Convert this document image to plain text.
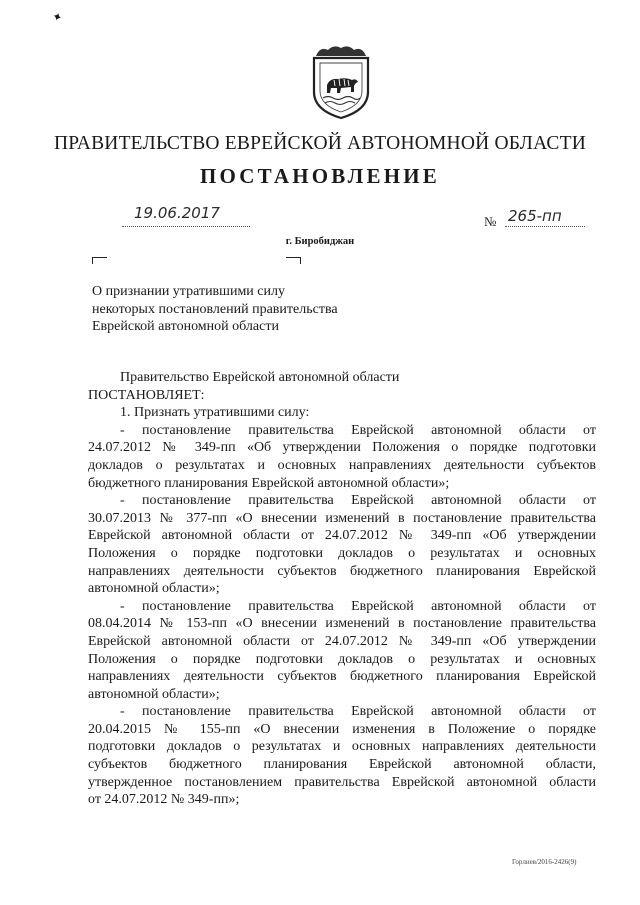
✦
ПРАВИТЕЛЬСТВО ЕВРЕЙСКОЙ АВТОНОМНОЙ ОБЛАСТИ
ПОСТАНОВЛЕНИЕ
19.06.2017	№ 265-пп
г. Биробиджан
О признании утратившими силу
некоторых постановлений правительства
Еврейской автономной области
Правительство Еврейской автономной области
ПОСТАНОВЛЯЕТ:
1. Признать утратившими силу:
- постановление правительства Еврейской автономной области от
24.07.2012 № 349-пп «Об утверждении Положения о порядке подготовки
докладов о результатах и основных направлениях деятельности субъектов
бюджетного планирования Еврейской автономной области»;
- постановление правительства Еврейской автономной области от
30.07.2013 № 377-пп «О внесении изменений в постановление правительства
Еврейской автономной области от 24.07.2012 № 349-пп «Об утверждении
Положения о порядке подготовки докладов о результатах и основных
направлениях деятельности субъектов бюджетного планирования Еврейской
автономной области»;
- постановление правительства Еврейской автономной области от
08.04.2014 № 153-пп «О внесении изменений в постановление правительства
Еврейской автономной области от 24.07.2012 № 349-пп «Об утверждении
Положения о порядке подготовки докладов о результатах и основных
направлениях деятельности субъектов бюджетного планирования Еврейской
автономной области»;
- постановление правительства Еврейской автономной области от
20.04.2015 № 155-пп «О внесении изменения в Положение о порядке
подготовки докладов о результатах и основных направлениях деятельности
субъектов бюджетного планирования Еврейской автономной области,
утвержденное постановлением правительства Еврейской автономной области
от 24.07.2012 № 349-пп»;
Горлиев/2016-2426(9)
